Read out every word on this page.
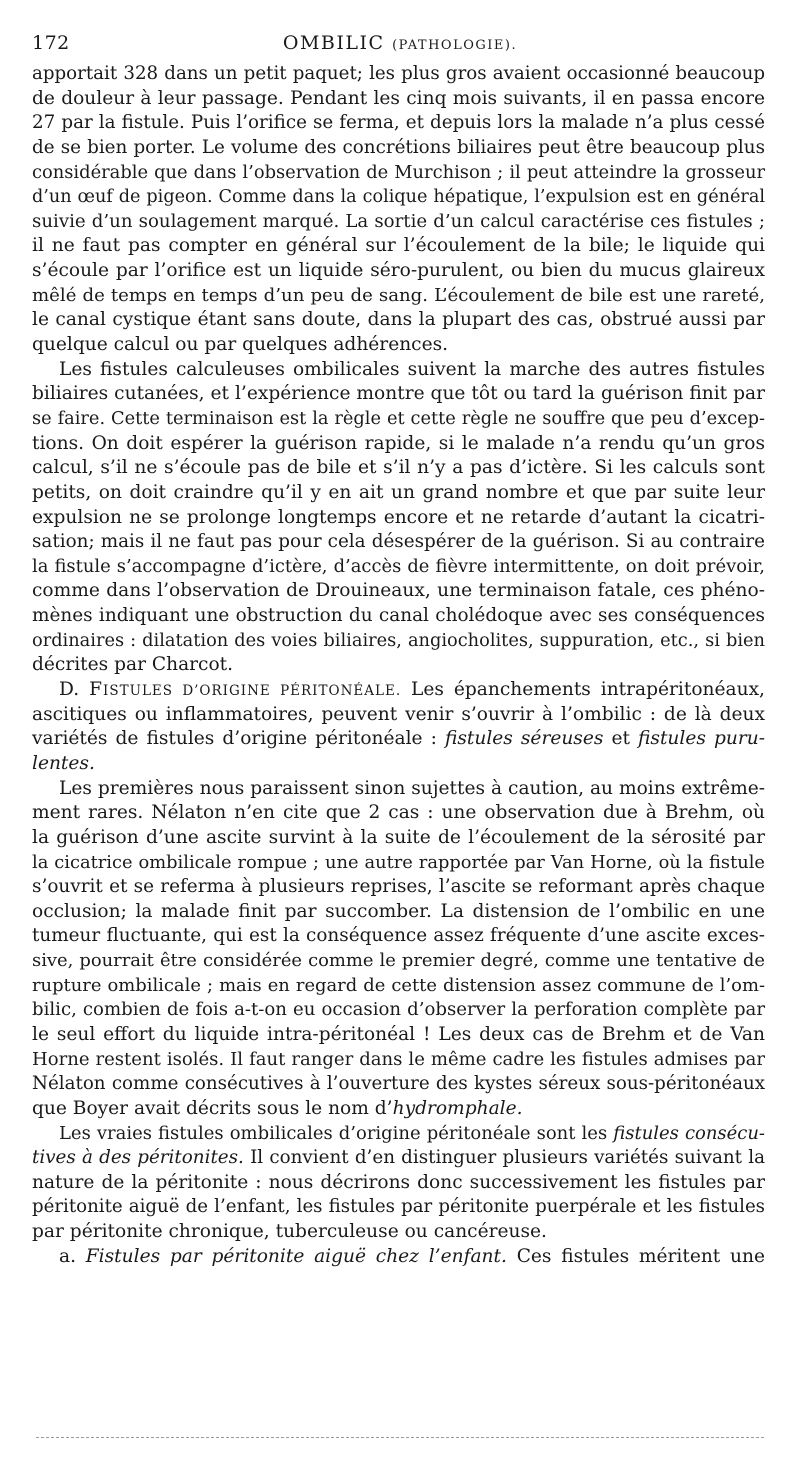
172	OMBILIC (PATHOLOGIE).
apportait 328 dans un petit paquet; les plus gros avaient occasionné beaucoup
de douleur à leur passage. Pendant les cinq mois suivants, il en passa encore
27 par la fistule. Puis l’orifice se ferma, et depuis lors la malade n’a plus cessé
de se bien porter. Le volume des concrétions biliaires peut être beaucoup plus
considérable que dans l’observation de Murchison ; il peut atteindre la grosseur
d’un œuf de pigeon. Comme dans la colique hépatique, l’expulsion est en général
suivie d’un soulagement marqué. La sortie d’un calcul caractérise ces fistules ;
il ne faut pas compter en général sur l’écoulement de la bile; le liquide qui
s’écoule par l’orifice est un liquide séro-purulent, ou bien du mucus glaireux
mêlé de temps en temps d’un peu de sang. L’écoulement de bile est une rareté,
le canal cystique étant sans doute, dans la plupart des cas, obstrué aussi par
quelque calcul ou par quelques adhérences.
Les fistules calculeuses ombilicales suivent la marche des autres fistules
biliaires cutanées, et l’expérience montre que tôt ou tard la guérison finit par
se faire. Cette terminaison est la règle et cette règle ne souffre que peu d’excep-
tions. On doit espérer la guérison rapide, si le malade n’a rendu qu’un gros
calcul, s’il ne s’écoule pas de bile et s’il n’y a pas d’ictère. Si les calculs sont
petits, on doit craindre qu’il y en ait un grand nombre et que par suite leur
expulsion ne se prolonge longtemps encore et ne retarde d’autant la cicatri-
sation; mais il ne faut pas pour cela désespérer de la guérison. Si au contraire
la fistule s’accompagne d’ictère, d’accès de fièvre intermittente, on doit prévoir,
comme dans l’observation de Drouineaux, une terminaison fatale, ces phéno-
mènes indiquant une obstruction du canal cholédoque avec ses conséquences
ordinaires : dilatation des voies biliaires, angiocholites, suppuration, etc., si bien
décrites par Charcot.
D. FISTULES D’ORIGINE PÉRITONÉALE. Les épanchements intrapéritonéaux,
ascitiques ou inflammatoires, peuvent venir s’ouvrir à l’ombilic : de là deux
variétés de fistules d’origine péritonéale : fistules séreuses et fistules puru-
lentes.
Les premières nous paraissent sinon sujettes à caution, au moins extrême-
ment rares. Nélaton n’en cite que 2 cas : une observation due à Brehm, où
la guérison d’une ascite survint à la suite de l’écoulement de la sérosité par
la cicatrice ombilicale rompue ; une autre rapportée par Van Horne, où la fistule
s’ouvrit et se referma à plusieurs reprises, l’ascite se reformant après chaque
occlusion; la malade finit par succomber. La distension de l’ombilic en une
tumeur fluctuante, qui est la conséquence assez fréquente d’une ascite exces-
sive, pourrait être considérée comme le premier degré, comme une tentative de
rupture ombilicale ; mais en regard de cette distension assez commune de l’om-
bilic, combien de fois a-t-on eu occasion d’observer la perforation complète par
le seul effort du liquide intra-péritonéal ! Les deux cas de Brehm et de Van
Horne restent isolés. Il faut ranger dans le même cadre les fistules admises par
Nélaton comme consécutives à l’ouverture des kystes séreux sous-péritonéaux
que Boyer avait décrits sous le nom d’hydromphale.
Les vraies fistules ombilicales d’origine péritonéale sont les fistules consécu-
tives à des péritonites. Il convient d’en distinguer plusieurs variétés suivant la
nature de la péritonite : nous décrirons donc successivement les fistules par
péritonite aiguë de l’enfant, les fistules par péritonite puerpérale et les fistules
par péritonite chronique, tuberculeuse ou cancéreuse.
a. Fistules par péritonite aiguë chez l’enfant. Ces fistules méritent une
